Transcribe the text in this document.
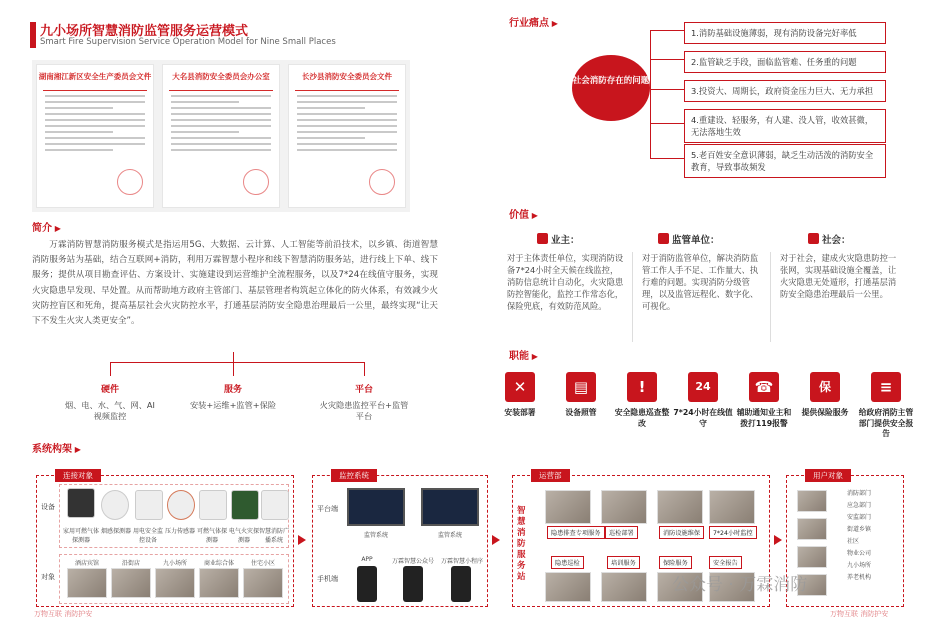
九小场所智慧消防监管服务运营模式
Smart Fire Supervision Service Operation Model for Nine Small Places
湖南湘江新区安全生产委员会文件	大名县消防安全委员会办公室	长沙县消防安全委员会文件
简介 ▶
万霖消防智慧消防服务模式是指运用5G、大数据、云计算、人工智能等前沿技术，以乡镇、街道智慧消防服务站为基础，结合互联网+消防，利用万霖智慧小程序和线下智慧消防服务站，进行线上下单、线下服务；提供从项目勘查评估、方案设计、实施建设到运营维护全流程服务，以及7*24在线值守服务，实现火灾隐患早发现、早处置。从而帮助地方政府主管部门、基层管理者构筑起立体化的防火体系，有效减少火灾防控盲区和死角，提高基层社会火灾防控水平，打通基层消防安全隐患治理最后一公里，最终实现“让天下不发生火灾人类更安全”。
硬件
烟、电、水、气、网、AI视频监控
服务
安装+运维+监管+保险
平台
火灾隐患监控平台+监管平台
行业痛点 ▶
社会消防存在的问题
1.消防基础设施薄弱，现有消防设备完好率低
2.监管缺乏手段，面临监管难、任务重的问题
3.投资大、周期长，政府资金压力巨大、无力承担
4.重建设、轻服务，有人建、没人管，收效甚微，无法落地生效
5.老百姓安全意识薄弱，缺乏生动活泼的消防安全教育，导致事故频发
价值 ▶
业主：
对于主体责任单位，实现消防设备7*24小时全天候在线监控，消防信息统计自动化，火灾隐患防控智能化，监控工作常态化，保险兜底，有效防范风险。
监管单位：
对于消防监管单位，解决消防监管工作人手不足、工作量大、执行难的问题。实现消防分级管理，以及监管远程化、数字化、可视化。
社会：
对于社会，建成火灾隐患防控一张网，实现基础设施全覆盖，让火灾隐患无处遁形，打通基层消防安全隐患治理最后一公里。
职能 ▶
✕
安装部署
▤
设备照管
!
安全隐患巡查整改
24
7*24小时在线值守
☎
辅助通知业主和拨打119报警
保
提供保险服务
≡
给政府消防主管部门提供安全报告
系统构架 ▶
连接对象
设备
对象
家用可燃气体探测器
烟感探测器 用电安全监控设备
压力传感器 可燃气体探测器
电气火灾探测器
智慧消防广播系统
酒店宾馆	沿街店	九小场所	商业综合体	住宅小区
监控系统
平台端
手机端
监管系统	监管系统
APP	万霖智慧公众号	万霖智慧小程序
运营部
智慧消防服务站
隐患排查专项服务	巡检部署	消防设施维保	7*24小时监控
隐患巡检	培训服务	保险服务	安全报告
用户对象
消防部门
应急部门
安监部门
街道乡镇
社区
物业公司
九小场所
养老机构
公众号 · 万霖消防
万物互联 消防护安	万物互联 消防护安
